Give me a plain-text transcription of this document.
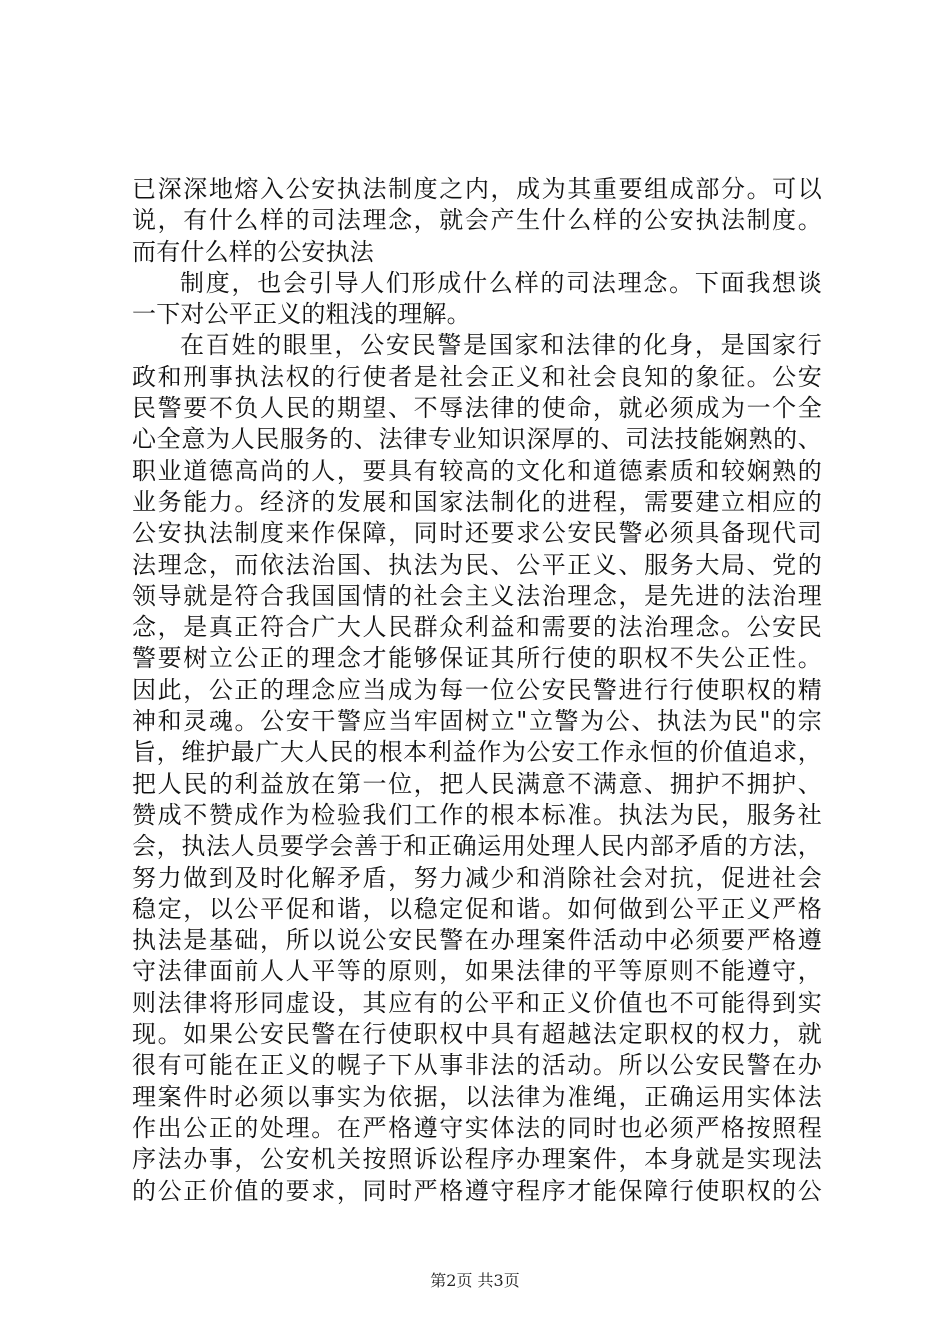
已深深地熔入公安执法制度之内，成为其重要组成部分。可以
说，有什么样的司法理念，就会产生什么样的公安执法制度。
而有什么样的公安执法
制度，也会引导人们形成什么样的司法理念。下面我想谈
一下对公平正义的粗浅的理解。
在百姓的眼里，公安民警是国家和法律的化身，是国家行
政和刑事执法权的行使者是社会正义和社会良知的象征。公安
民警要不负人民的期望、不辱法律的使命，就必须成为一个全
心全意为人民服务的、法律专业知识深厚的、司法技能娴熟的、
职业道德高尚的人，要具有较高的文化和道德素质和较娴熟的
业务能力。经济的发展和国家法制化的进程，需要建立相应的
公安执法制度来作保障，同时还要求公安民警必须具备现代司
法理念，而依法治国、执法为民、公平正义、服务大局、党的
领导就是符合我国国情的社会主义法治理念，是先进的法治理
念，是真正符合广大人民群众利益和需要的法治理念。公安民
警要树立公正的理念才能够保证其所行使的职权不失公正性。
因此，公正的理念应当成为每一位公安民警进行行使职权的精
神和灵魂。公安干警应当牢固树立"立警为公、执法为民"的宗
旨，维护最广大人民的根本利益作为公安工作永恒的价值追求，
把人民的利益放在第一位，把人民满意不满意、拥护不拥护、
赞成不赞成作为检验我们工作的根本标准。执法为民，服务社
会，执法人员要学会善于和正确运用处理人民内部矛盾的方法，
努力做到及时化解矛盾，努力减少和消除社会对抗，促进社会
稳定，以公平促和谐，以稳定促和谐。如何做到公平正义严格
执法是基础，所以说公安民警在办理案件活动中必须要严格遵
守法律面前人人平等的原则，如果法律的平等原则不能遵守，
则法律将形同虚设，其应有的公平和正义价值也不可能得到实
现。如果公安民警在行使职权中具有超越法定职权的权力，就
很有可能在正义的幌子下从事非法的活动。所以公安民警在办
理案件时必须以事实为依据，以法律为准绳，正确运用实体法
作出公正的处理。在严格遵守实体法的同时也必须严格按照程
序法办事，公安机关按照诉讼程序办理案件，本身就是实现法
的公正价值的要求，同时严格遵守程序才能保障行使职权的公
第2页 共3页
